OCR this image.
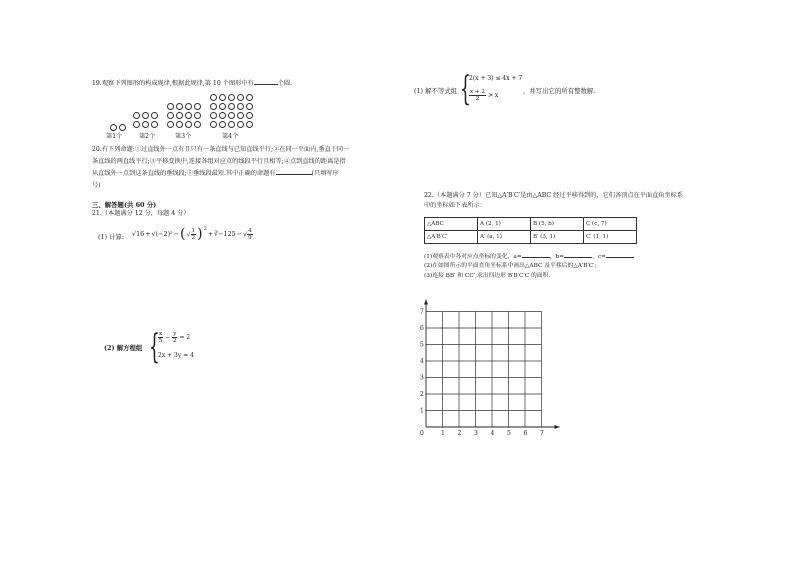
19.观察下列图形的构成规律,根据此规律,第 10 个图形中有	个圆.
第1个	第2个	第3个	第4个
20.有下列命题:①过直线外一点有且只有一条直线与已知直线平行;②在同一平面内,垂直于同一
条直线的两直线平行;③平移变换中,连接各组对应点的线段平行且相等;④点到直线的距离是指
从直线外一点到这条直线的垂线段;⑤垂线段最短.其中正确的命题有	(只填写序
号)
三、解答题(共 60 分)
21.（本题满分 12 分，每题 4 分）
(1) 计算: √16 + √(−2)² − ( √ $\frac{1}{2} )^2$
+ ∛−125 − √ $\frac{4}{9}$
(2) 解方程组 {
$\frac{x}{5} - \frac{y}{2} = 2$
2x + 3y = 4
(1) 解不等式组 {
2(x + 3) ≤ 4x + 7
$\frac{x + 2}{2} > x$
，并写出它的所有整数解.
22.（本题满分 7 分）已知△A′B′C′是由△ABC 经过平移得到的，它们各顶点在平面直角坐标系
中的坐标如下表所示：
△ABC	A (2, 1)	B (5, b)	C (c, 7)
△A′B′C′	A′ (a, 1)	B′ (3, 1)	C′ (1, 1)
(1)观察表中各对应点坐标的变化，a=	，b=	，c=
(2)在如图所示的平面直角坐标系中画出△ABC 及平移后的△A′B′C′;
(3)连接 BB′ 和 CC′,求出四边形 B′B′C′C 的面积.
0	1 2 3 4 5 6 7
1
2
3
4
5
6
7
